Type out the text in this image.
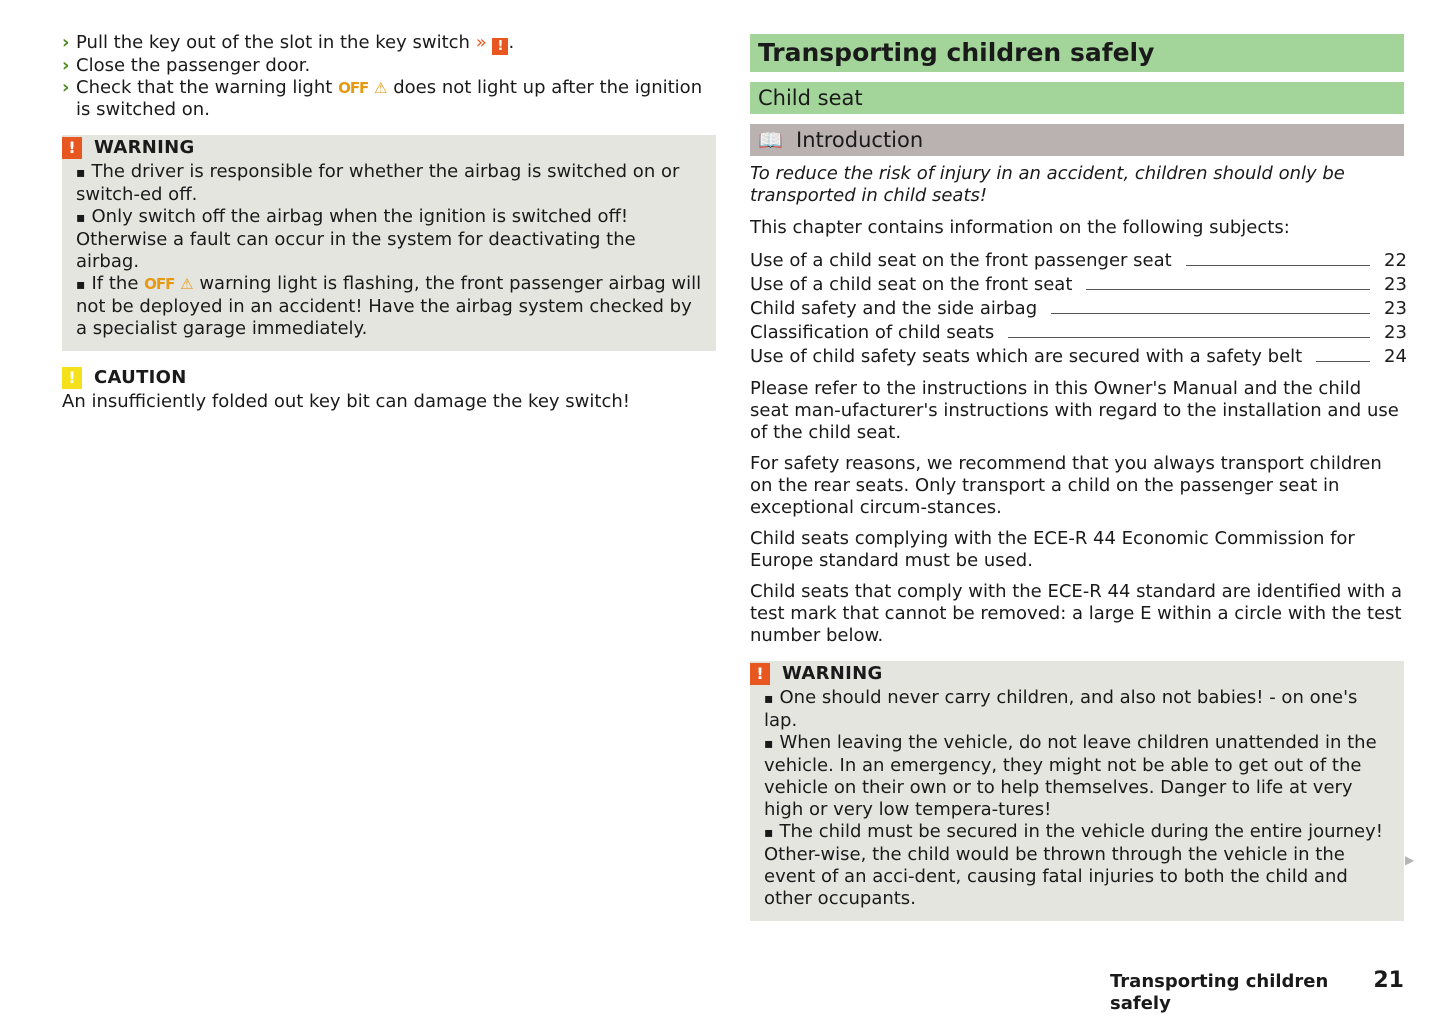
› Pull the key out of the slot in the key switch » ! .
› Close the passenger door.
› Check that the warning light OFF ⚠ does not light up after the ignition is switched on.
!	WARNING

▪ The driver is responsible for whether the airbag is switched on or switch-ed off.

▪ Only switch off the airbag when the ignition is switched off! Otherwise a fault can occur in the system for deactivating the airbag.

▪ If the OFF ⚠ warning light is flashing, the front passenger airbag will not be deployed in an accident! Have the airbag system checked by a specialist garage immediately.

!	CAUTION

An insufficiently folded out key bit can damage the key switch!

Transporting children safely
Child seat
📖 Introduction

To reduce the risk of injury in an accident, children should only be transported in child seats!

This chapter contains information on the following subjects:

Use of a child seat on the front passenger seat	22
Use of a child seat on the front seat	23
Child safety and the side airbag	23
Classification of child seats	23
Use of child safety seats which are secured with a safety belt	24

Please refer to the instructions in this Owner's Manual and the child seat man-ufacturer's instructions with regard to the installation and use of the child seat.

For safety reasons, we recommend that you always transport children on the rear seats. Only transport a child on the passenger seat in exceptional circum-stances.

Child seats complying with the ECE-R 44 Economic Commission for Europe standard must be used.

Child seats that comply with the ECE-R 44 standard are identified with a test mark that cannot be removed: a large E within a circle with the test number below.

!	WARNING

▪ One should never carry children, and also not babies! - on one's lap.

▪ When leaving the vehicle, do not leave children unattended in the vehicle. In an emergency, they might not be able to get out of the vehicle on their own or to help themselves. Danger to life at very high or very low tempera-tures!

▪ The child must be secured in the vehicle during the entire journey! Other-wise, the child would be thrown through the vehicle in the event of an acci-dent, causing fatal injuries to both the child and other occupants.

▶
Transporting children safely
21
